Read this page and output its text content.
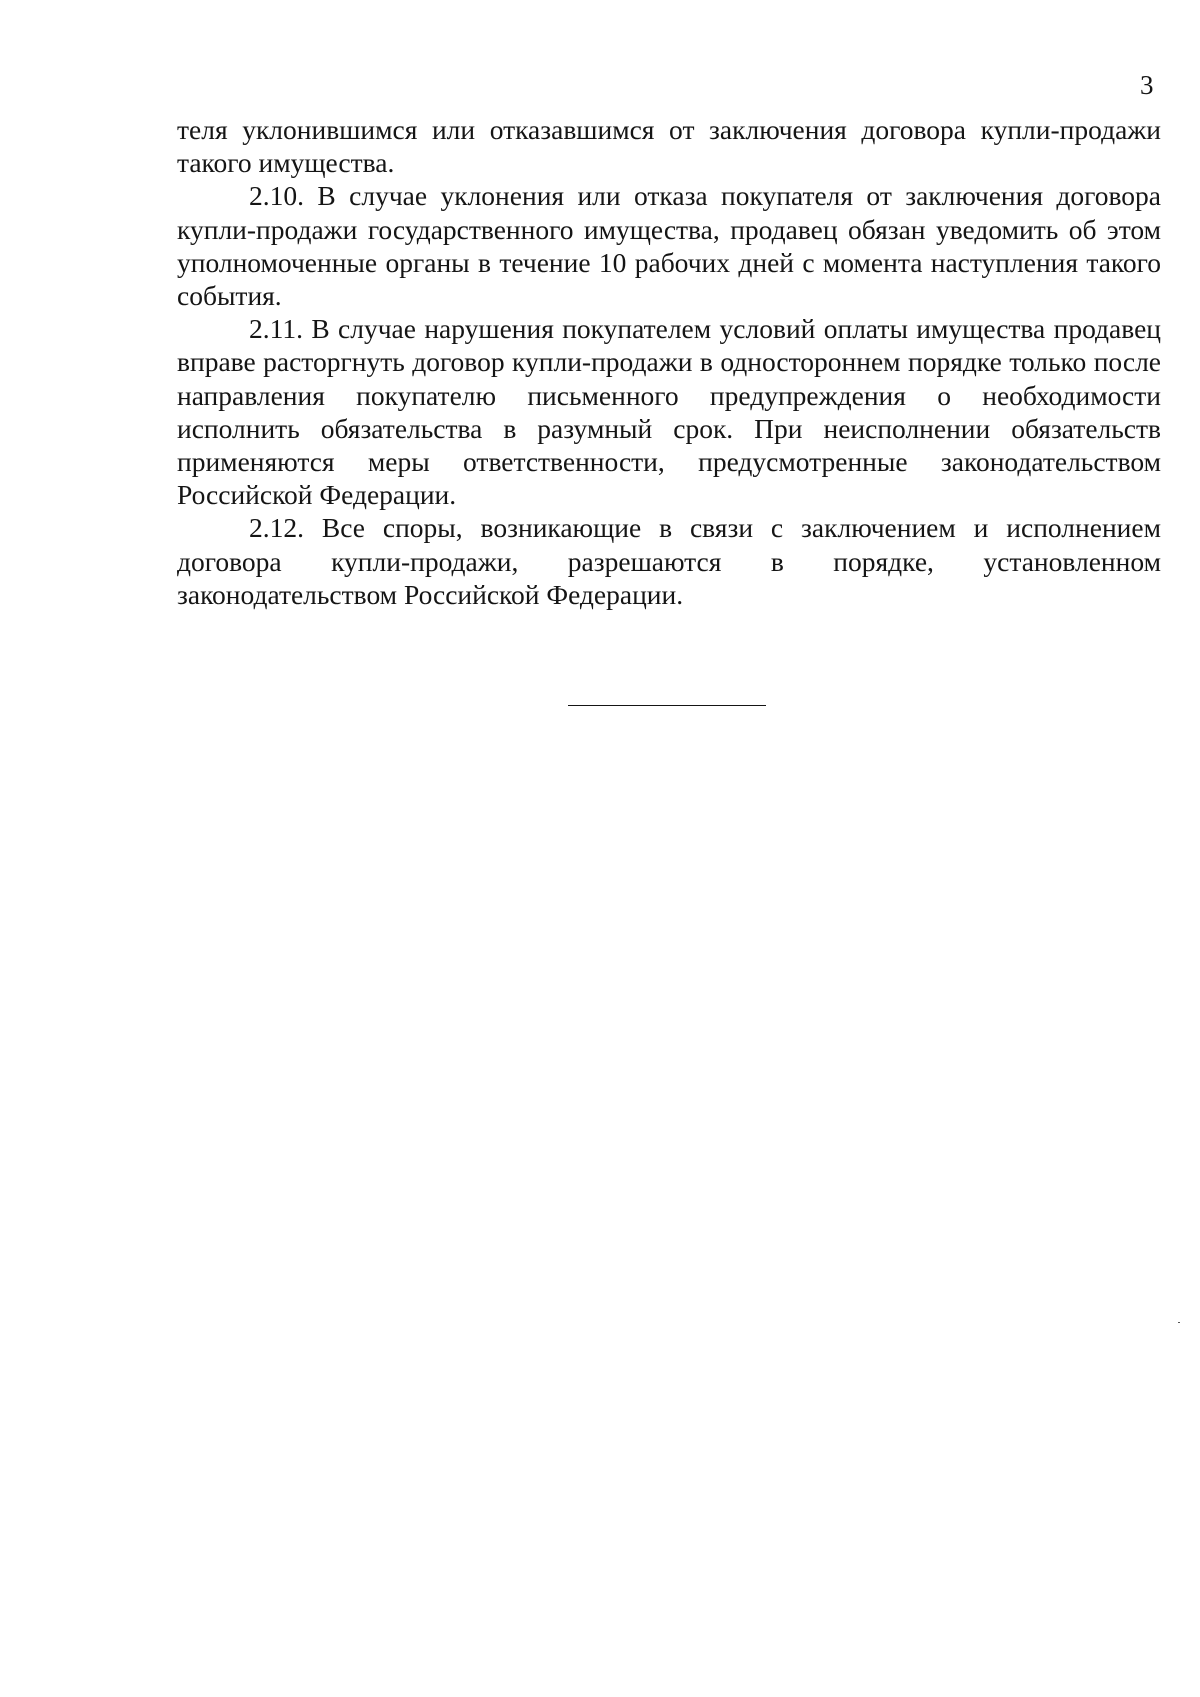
3

теля уклонившимся или отказавшимся от заключения договора купли-продажи такого имущества.

2.10. В случае уклонения или отказа покупателя от заключения договора купли-продажи государственного имущества, продавец обязан уведомить об этом уполномоченные органы в течение 10 рабочих дней с момента наступления такого события.

2.11. В случае нарушения покупателем условий оплаты имущества продавец вправе расторгнуть договор купли-продажи в одностороннем порядке только после направления покупателю письменного предупреждения о необходимости исполнить обязательства в разумный срок. При неисполнении обязательств применяются меры ответственности, предусмотренные законодательством Российской Федерации.

2.12. Все споры, возникающие в связи с заключением и исполнением договора купли-продажи, разрешаются в порядке, установленном законодательством Российской Федерации.
